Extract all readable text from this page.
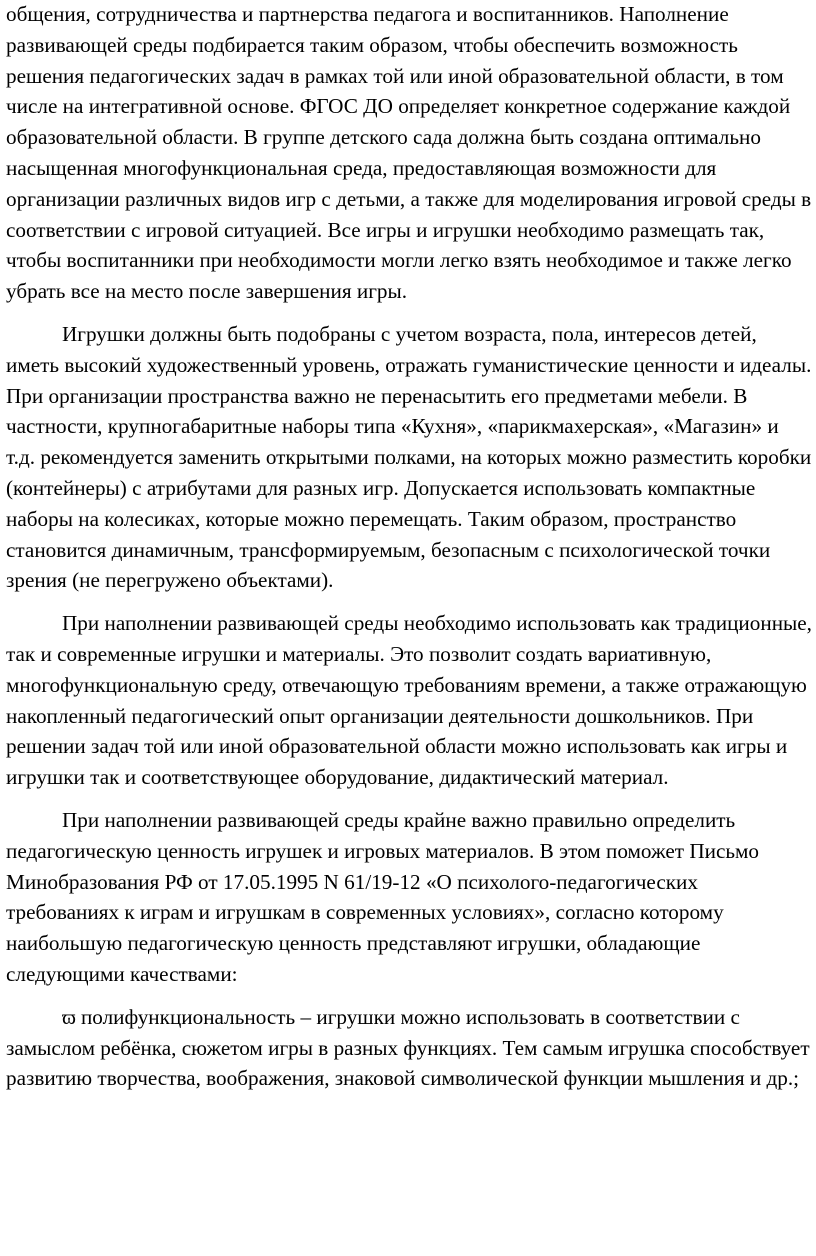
общения, сотрудничества и партнерства педагога и воспитанников. Наполнение развивающей среды подбирается таким образом, чтобы обеспечить возможность решения педагогических задач в рамках той или иной образовательной области, в том числе на интегративной основе. ФГОС ДО определяет конкретное содержание каждой образовательной области. В группе детского сада должна быть создана оптимально насыщенная многофункциональная среда, предоставляющая возможности для организации различных видов игр с детьми, а также для моделирования игровой среды в соответствии с игровой ситуацией. Все игры и игрушки необходимо размещать так, чтобы воспитанники при необходимости могли легко взять необходимое и также легко убрать все на место после завершения игры.

Игрушки должны быть подобраны с учетом возраста, пола, интересов детей, иметь высокий художественный уровень, отражать гуманистические ценности и идеалы. При организации пространства важно не перенасытить его предметами мебели. В частности, крупногабаритные наборы типа «Кухня», «парикмахерская», «Магазин» и т.д. рекомендуется заменить открытыми полками, на которых можно разместить коробки (контейнеры) с атрибутами для разных игр. Допускается использовать компактные наборы на колесиках, которые можно перемещать. Таким образом, пространство становится динамичным, трансформируемым, безопасным с психологической точки зрения (не перегружено объектами).

При наполнении развивающей среды необходимо использовать как традиционные, так и современные игрушки и материалы. Это позволит создать вариативную, многофункциональную среду, отвечающую требованиям времени, а также отражающую накопленный педагогический опыт организации деятельности дошкольников. При решении задач той или иной образовательной области можно использовать как игры и игрушки так и соответствующее оборудование, дидактический материал.

При наполнении развивающей среды крайне важно правильно определить педагогическую ценность игрушек и игровых материалов. В этом поможет Письмо Минобразования РФ от 17.05.1995 N 61/19-12 «О психолого-педагогических требованиях к играм и игрушкам в современных условиях», согласно которому наибольшую педагогическую ценность представляют игрушки, обладающие следующими качествами:

ϖ полифункциональность – игрушки можно использовать в соответствии с замыслом ребёнка, сюжетом игры в разных функциях. Тем самым игрушка способствует развитию творчества, воображения, знаковой символической функции мышления и др.;
